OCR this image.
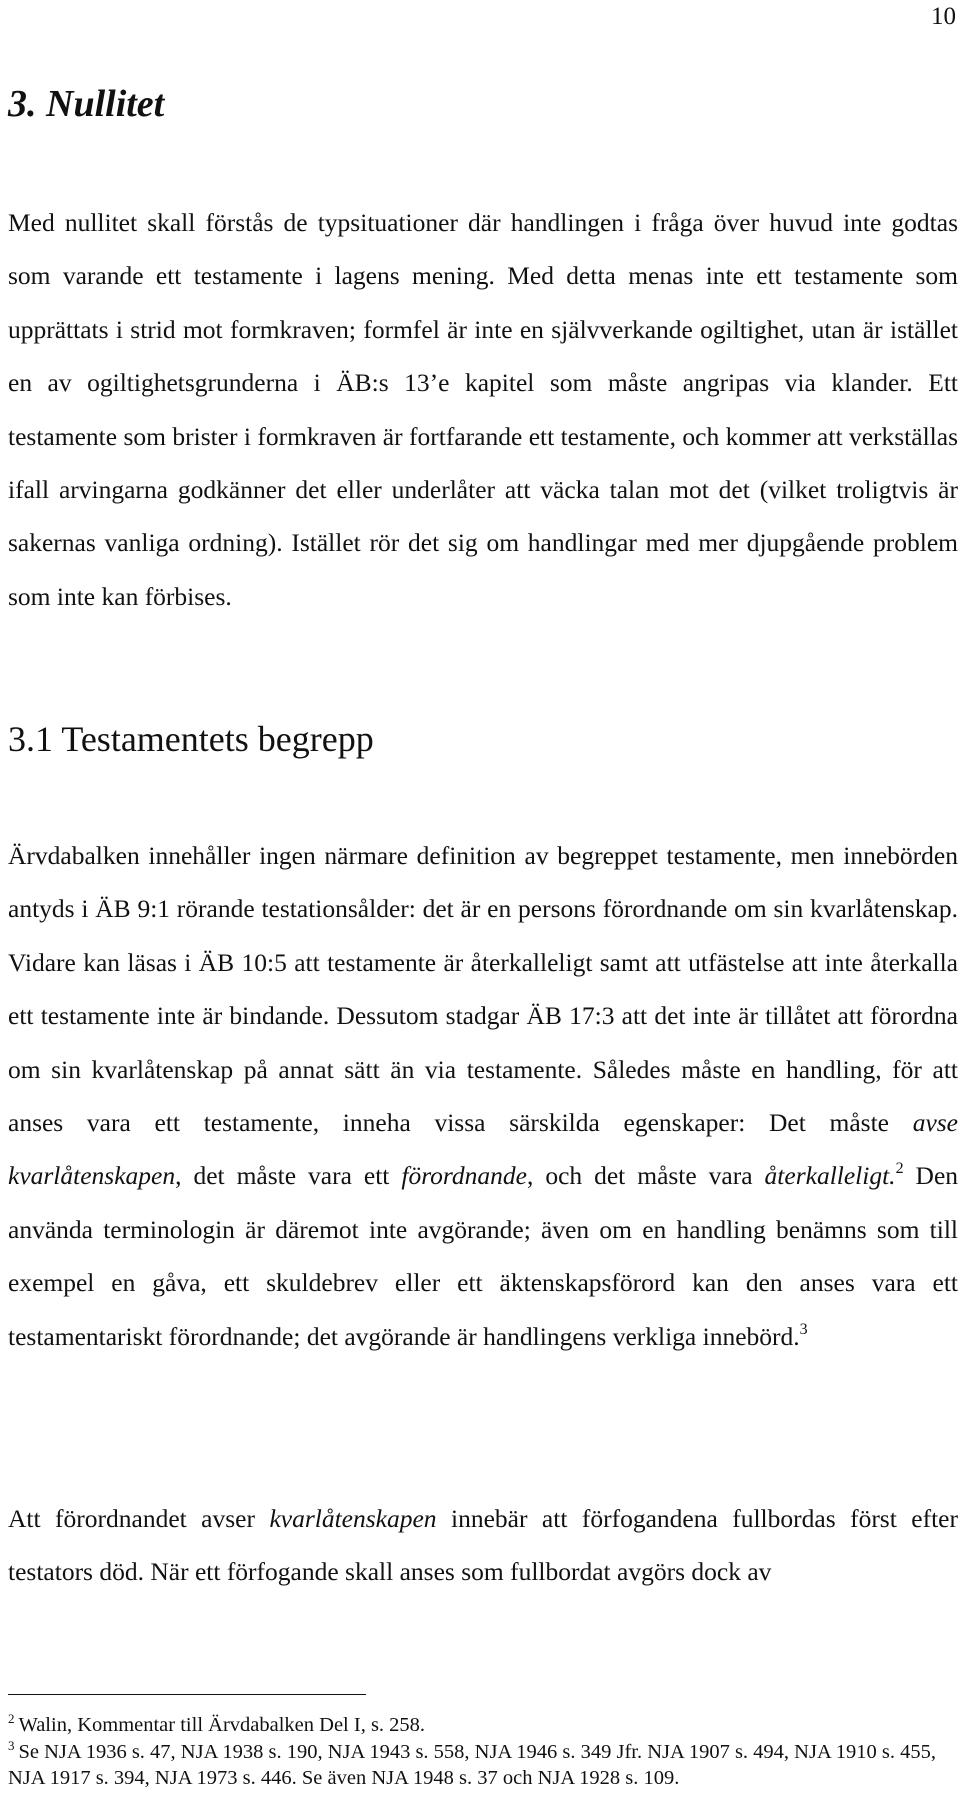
10
3. Nullitet

Med nullitet skall förstås de typsituationer där handlingen i fråga över huvud inte godtas som varande ett testamente i lagens mening. Med detta menas inte ett testamente som upprättats i strid mot formkraven; formfel är inte en självverkande ogiltighet, utan är istället en av ogiltighetsgrunderna i ÄB:s 13’e kapitel som måste angripas via klander. Ett testamente som brister i formkraven är fortfarande ett testamente, och kommer att verkställas ifall arvingarna godkänner det eller underlåter att väcka talan mot det (vilket troligtvis är sakernas vanliga ordning). Istället rör det sig om handlingar med mer djupgående problem som inte kan förbises.

3.1 Testamentets begrepp

Ärvdabalken innehåller ingen närmare definition av begreppet testamente, men innebörden antyds i ÄB 9:1 rörande testationsålder: det är en persons förordnande om sin kvarlåtenskap. Vidare kan läsas i ÄB 10:5 att testamente är återkalleligt samt att utfästelse att inte återkalla ett testamente inte är bindande. Dessutom stadgar ÄB 17:3 att det inte är tillåtet att förordna om sin kvarlåtenskap på annat sätt än via testamente. Således måste en handling, för att anses vara ett testamente, inneha vissa särskilda egenskaper: Det måste avse kvarlåtenskapen, det måste vara ett förordnande, och det måste vara återkalleligt.$^2$ Den använda terminologin är däremot inte avgörande; även om en handling benämns som till exempel en gåva, ett skuldebrev eller ett äktenskapsförord kan den anses vara ett testamentariskt förordnande; det avgörande är handlingens verkliga innebörd.$^3$

Att förordnandet avser kvarlåtenskapen innebär att förfogandena fullbordas först efter testators död. När ett förfogande skall anses som fullbordat avgörs dock av

$^2$ Walin, Kommentar till Ärvdabalken Del I, s. 258.

$^3$ Se NJA 1936 s. 47, NJA 1938 s. 190, NJA 1943 s. 558, NJA 1946 s. 349 Jfr. NJA 1907 s. 494, NJA 1910 s. 455, NJA 1917 s. 394, NJA 1973 s. 446. Se även NJA 1948 s. 37 och NJA 1928 s. 109.
